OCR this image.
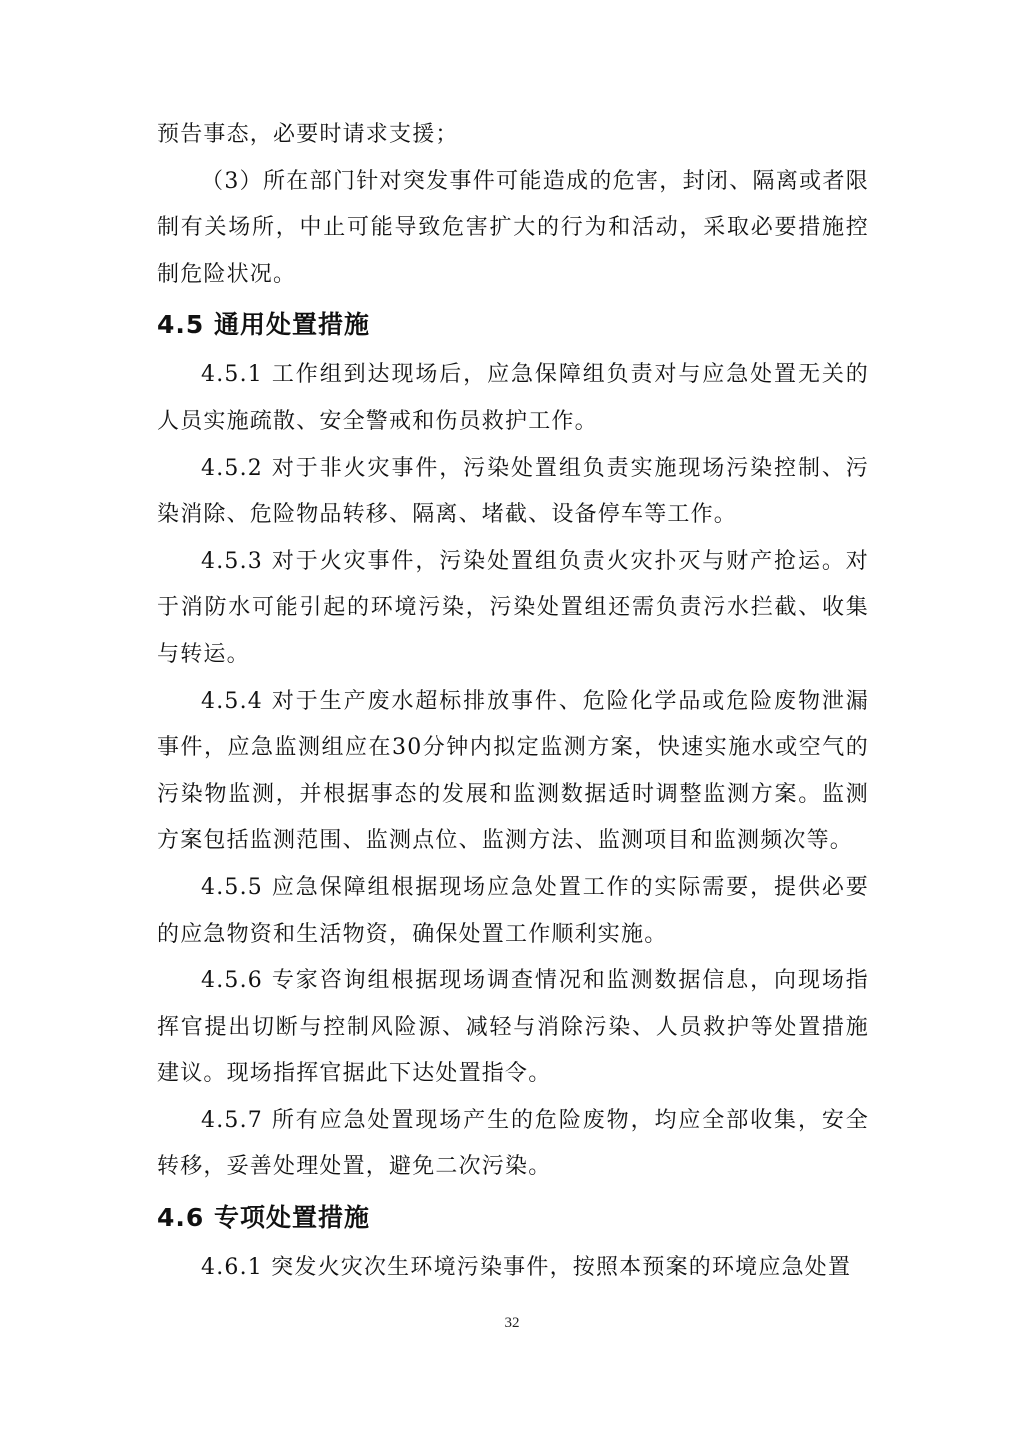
预告事态，必要时请求支援；

（3）所在部门针对突发事件可能造成的危害，封闭、隔离或者限制有关场所，中止可能导致危害扩大的行为和活动，采取必要措施控制危险状况。

4.5 通用处置措施

4.5.1 工作组到达现场后，应急保障组负责对与应急处置无关的人员实施疏散、安全警戒和伤员救护工作。

4.5.2 对于非火灾事件，污染处置组负责实施现场污染控制、污染消除、危险物品转移、隔离、堵截、设备停车等工作。

4.5.3 对于火灾事件，污染处置组负责火灾扑灭与财产抢运。对于消防水可能引起的环境污染，污染处置组还需负责污水拦截、收集与转运。

4.5.4 对于生产废水超标排放事件、危险化学品或危险废物泄漏事件，应急监测组应在30分钟内拟定监测方案，快速实施水或空气的污染物监测，并根据事态的发展和监测数据适时调整监测方案。监测方案包括监测范围、监测点位、监测方法、监测项目和监测频次等。

4.5.5 应急保障组根据现场应急处置工作的实际需要，提供必要的应急物资和生活物资，确保处置工作顺利实施。

4.5.6 专家咨询组根据现场调查情况和监测数据信息，向现场指挥官提出切断与控制风险源、减轻与消除污染、人员救护等处置措施建议。现场指挥官据此下达处置指令。

4.5.7 所有应急处置现场产生的危险废物，均应全部收集，安全转移，妥善处理处置，避免二次污染。

4.6 专项处置措施

4.6.1 突发火灾次生环境污染事件，按照本预案的环境应急处置

32
